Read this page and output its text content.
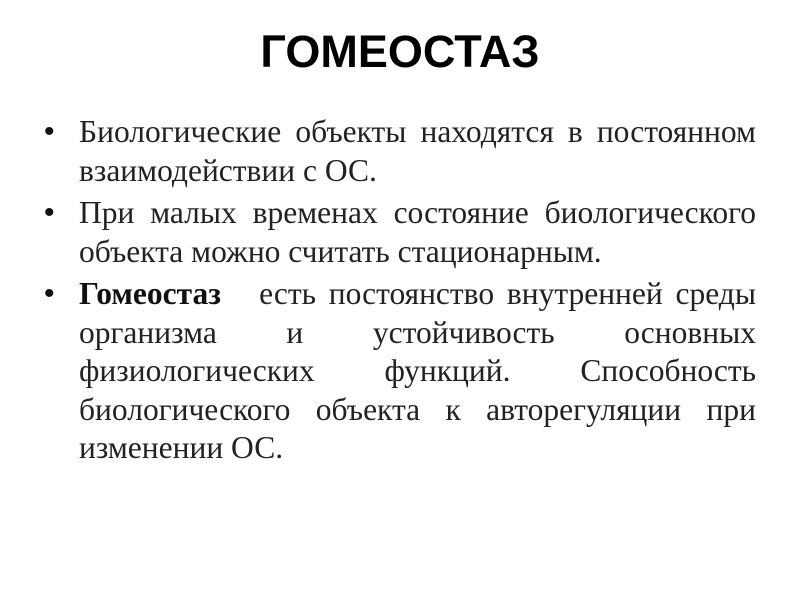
ГОМЕОСТАЗ
• Биологические объекты находятся в постоянном взаимодействии с ОС.
• При малых временах состояние биологического объекта можно считать стационарным.
• Гомеостаз есть постоянство внутренней среды организма и устойчивость основных физиологических функций. Способность биологического объекта к авторегуляции при изменении ОС.
